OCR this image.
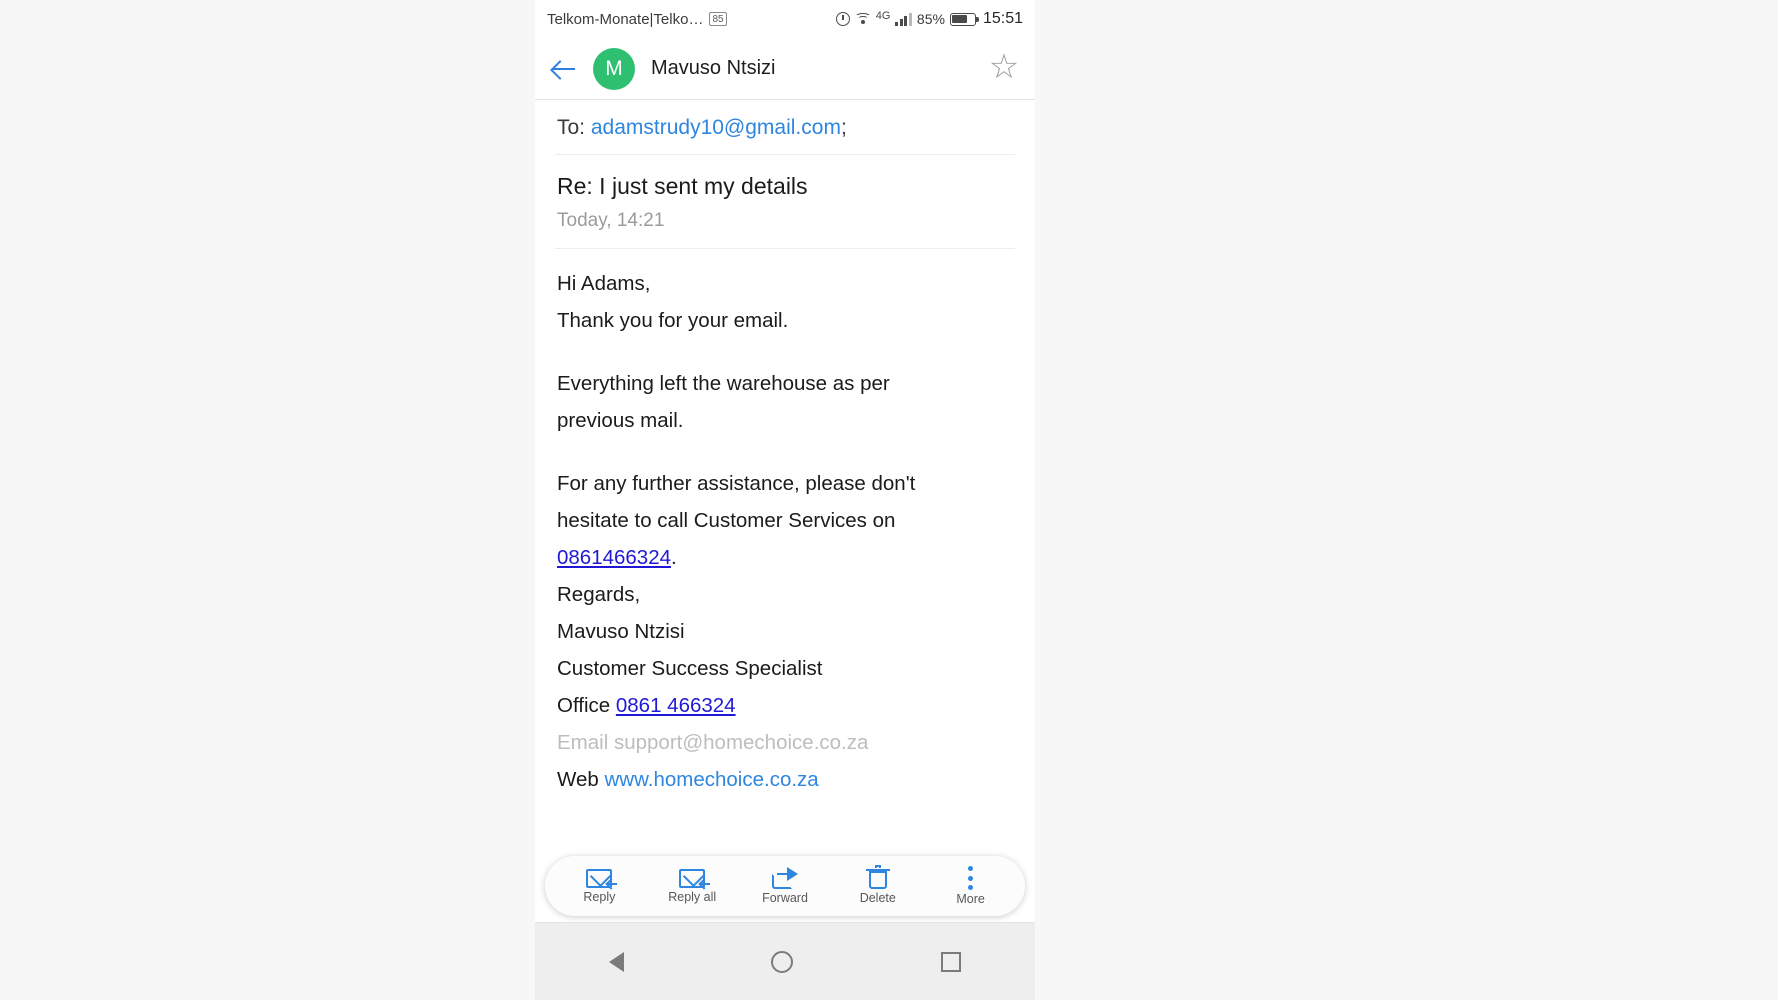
Telkom-Monate|Telko… 85	4G 85% 15:51
M	Mavuso Ntsizi	☆
To: adamstrudy10@gmail.com;
Re: I just sent my details
Today, 14:21

Hi Adams,
Thank you for your email.

Everything left the warehouse as per
previous mail.

For any further assistance, please don't
hesitate to call Customer Services on
0861466324.
Regards,
Mavuso Ntzisi
Customer Success Specialist
Office 0861 466324
Email support@homechoice.co.za
Web www.homechoice.co.za

Reply	Reply all	Forward	Delete	More
